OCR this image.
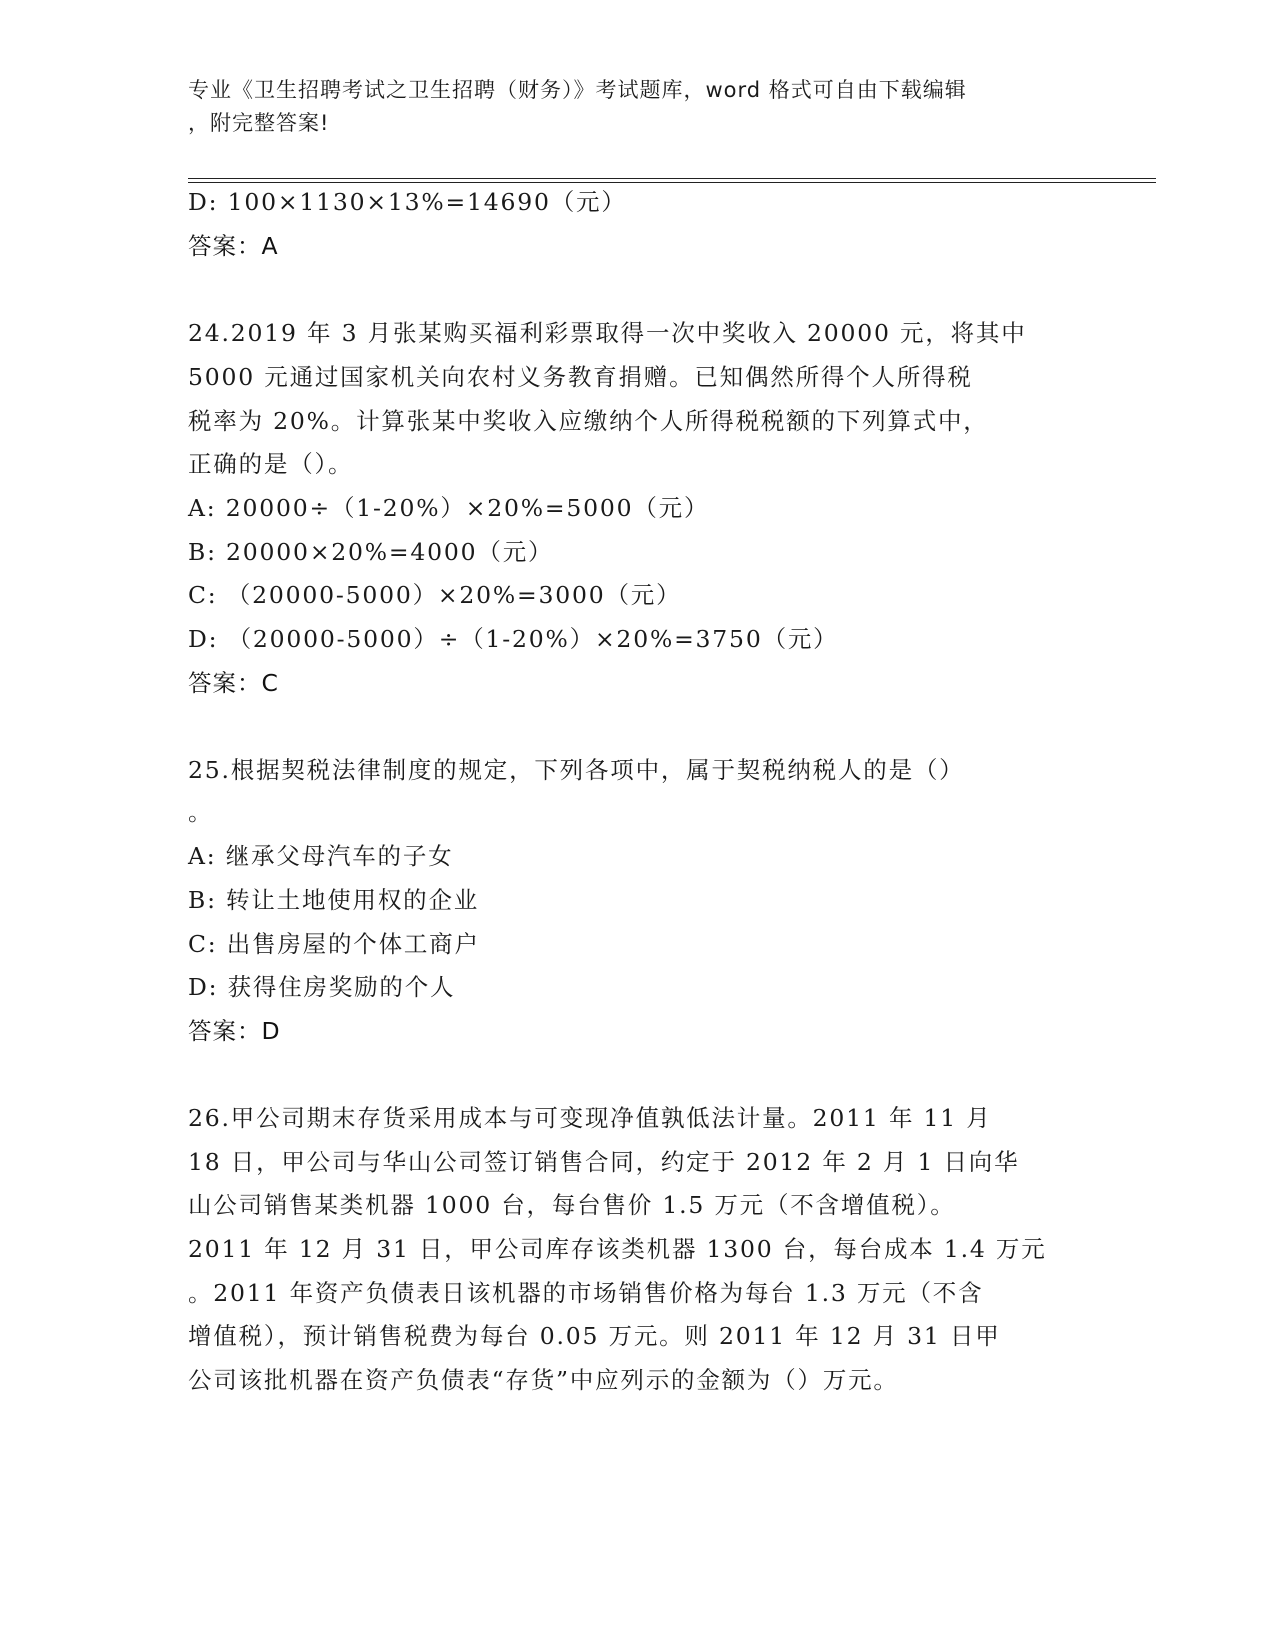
专业《卫生招聘考试之卫生招聘（财务）》考试题库，word 格式可自由下载编辑
，附完整答案!
D: 100×1130×13%=14690（元）
答案：A
24.2019 年 3 月张某购买福利彩票取得一次中奖收入 20000 元，将其中
5000 元通过国家机关向农村义务教育捐赠。已知偶然所得个人所得税
税率为 20%。计算张某中奖收入应缴纳个人所得税税额的下列算式中，
正确的是（）。
A: 20000÷（1-20%）×20%=5000（元）
B: 20000×20%=4000（元）
C: （20000-5000）×20%=3000（元）
D: （20000-5000）÷（1-20%）×20%=3750（元）
答案：C
25.根据契税法律制度的规定，下列各项中，属于契税纳税人的是（）
。
A: 继承父母汽车的子女
B: 转让土地使用权的企业
C: 出售房屋的个体工商户
D: 获得住房奖励的个人
答案：D
26.甲公司期末存货采用成本与可变现净值孰低法计量。2011 年 11 月
18 日，甲公司与华山公司签订销售合同，约定于 2012 年 2 月 1 日向华
山公司销售某类机器 1000 台，每台售价 1.5 万元（不含增值税）。
2011 年 12 月 31 日，甲公司库存该类机器 1300 台，每台成本 1.4 万元
。2011 年资产负债表日该机器的市场销售价格为每台 1.3 万元（不含
增值税），预计销售税费为每台 0.05 万元。则 2011 年 12 月 31 日甲
公司该批机器在资产负债表“存货”中应列示的金额为（）万元。
